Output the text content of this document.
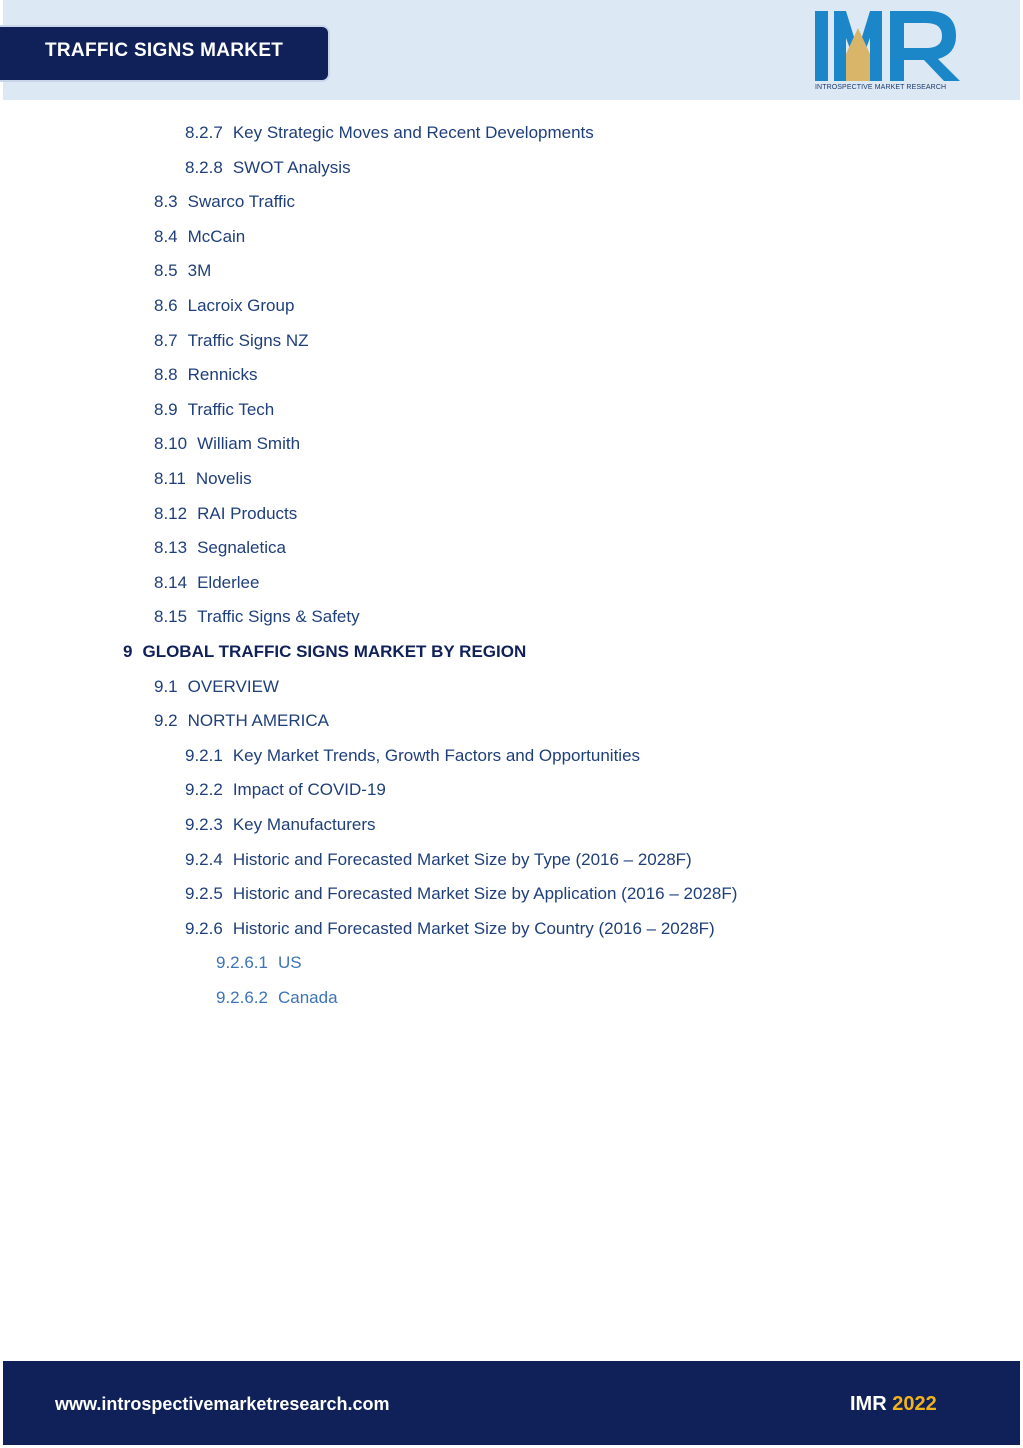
TRAFFIC SIGNS MARKET
INTROSPECTIVE MARKET RESEARCH
8.2.7 Key Strategic Moves and Recent Developments
8.2.8 SWOT Analysis
8.3 Swarco Traffic
8.4 McCain
8.5 3M
8.6 Lacroix Group
8.7 Traffic Signs NZ
8.8 Rennicks
8.9 Traffic Tech
8.10 William Smith
8.11 Novelis
8.12 RAI Products
8.13 Segnaletica
8.14 Elderlee
8.15 Traffic Signs & Safety
9 GLOBAL TRAFFIC SIGNS MARKET BY REGION
9.1 OVERVIEW
9.2 NORTH AMERICA
9.2.1 Key Market Trends, Growth Factors and Opportunities
9.2.2 Impact of COVID-19
9.2.3 Key Manufacturers
9.2.4 Historic and Forecasted Market Size by Type (2016 – 2028F)
9.2.5 Historic and Forecasted Market Size by Application (2016 – 2028F)
9.2.6 Historic and Forecasted Market Size by Country (2016 – 2028F)
9.2.6.1 US
9.2.6.2 Canada
www.introspectivemarketresearch.com	IMR 2022
